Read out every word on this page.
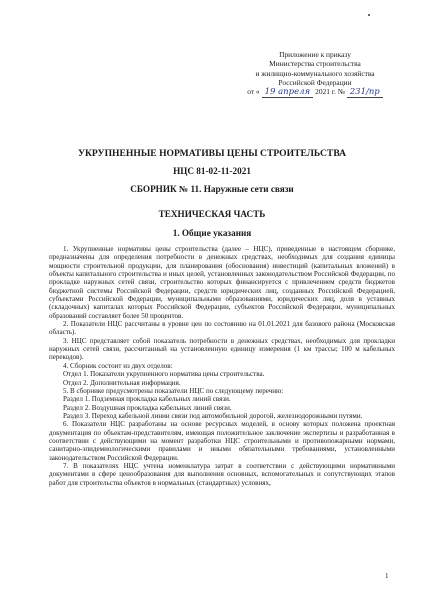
Приложение к приказу
Министерства строительства
и жилищно-коммунального хозяйства
Российской Федерации
от « 19 апреля 2021 г. № 231/пр
УКРУПНЕННЫЕ НОРМАТИВЫ ЦЕНЫ СТРОИТЕЛЬСТВА
НЦС 81-02-11-2021
СБОРНИК № 11. Наружные сети связи
ТЕХНИЧЕСКАЯ ЧАСТЬ
1. Общие указания

1. Укрупненные нормативы цены строительства (далее – НЦС), приведенные в настоящем сборнике, предназначены для определения потребности в денежных средствах, необходимых для создания единицы мощности строительной продукции, для планирования (обоснования) инвестиций (капитальных вложений) в объекты капитального строительства и иных целей, установленных законодательством Российской Федерации, по прокладке наружных сетей связи, строительство которых финансируется с привлечением средств бюджетов бюджетной системы Российской Федерации, средств юридических лиц, созданных Российской Федерацией, субъектами Российской Федерации, муниципальными образованиями, юридических лиц, доля в уставных (складочных) капиталах которых Российской Федерации, субъектов Российской Федерации, муниципальных образований составляет более 50 процентов.

2. Показатели НЦС рассчитаны в уровне цен по состоянию на 01.01.2021 для базового района (Московская область).

3. НЦС представляет собой показатель потребности в денежных средствах, необходимых для прокладки наружных сетей связи, рассчитанный на установленную единицу измерения (1 км трассы; 100 м кабельных перекодов).

4. Сборник состоит из двух отделов:

Отдел 1. Показатели укрупненного норматива цены строительства.

Отдел 2. Дополнительная информация.

5. В сборнике предусмотрены показатели НЦС по следующему перечню:

Раздел 1. Подземная прокладка кабельных линий связи.

Раздел 2. Воздушная прокладка кабельных линий связи.

Раздел 3. Переход кабельной линии связи под автомобильной дорогой, железнодорожными путями.

6. Показатели НЦС разработаны на основе ресурсных моделей, в основу которых положена проектная документация по объектам-представителям, имеющая положительное заключение экспертизы и разработанная в соответствии с действующими на момент разработки НЦС строительными и противопожарными нормами, санитарно-эпидемиологическими правилами и иными обязательными требованиями, установленными законодательством Российской Федерации.

7. В показателях НЦС учтена номенклатура затрат в соответствии с действующими нормативными документами в сфере ценообразования для выполнения основных, вспомогательных и сопутствующих этапов работ для строительства объектов в нормальных (стандартных) условиях,

1
